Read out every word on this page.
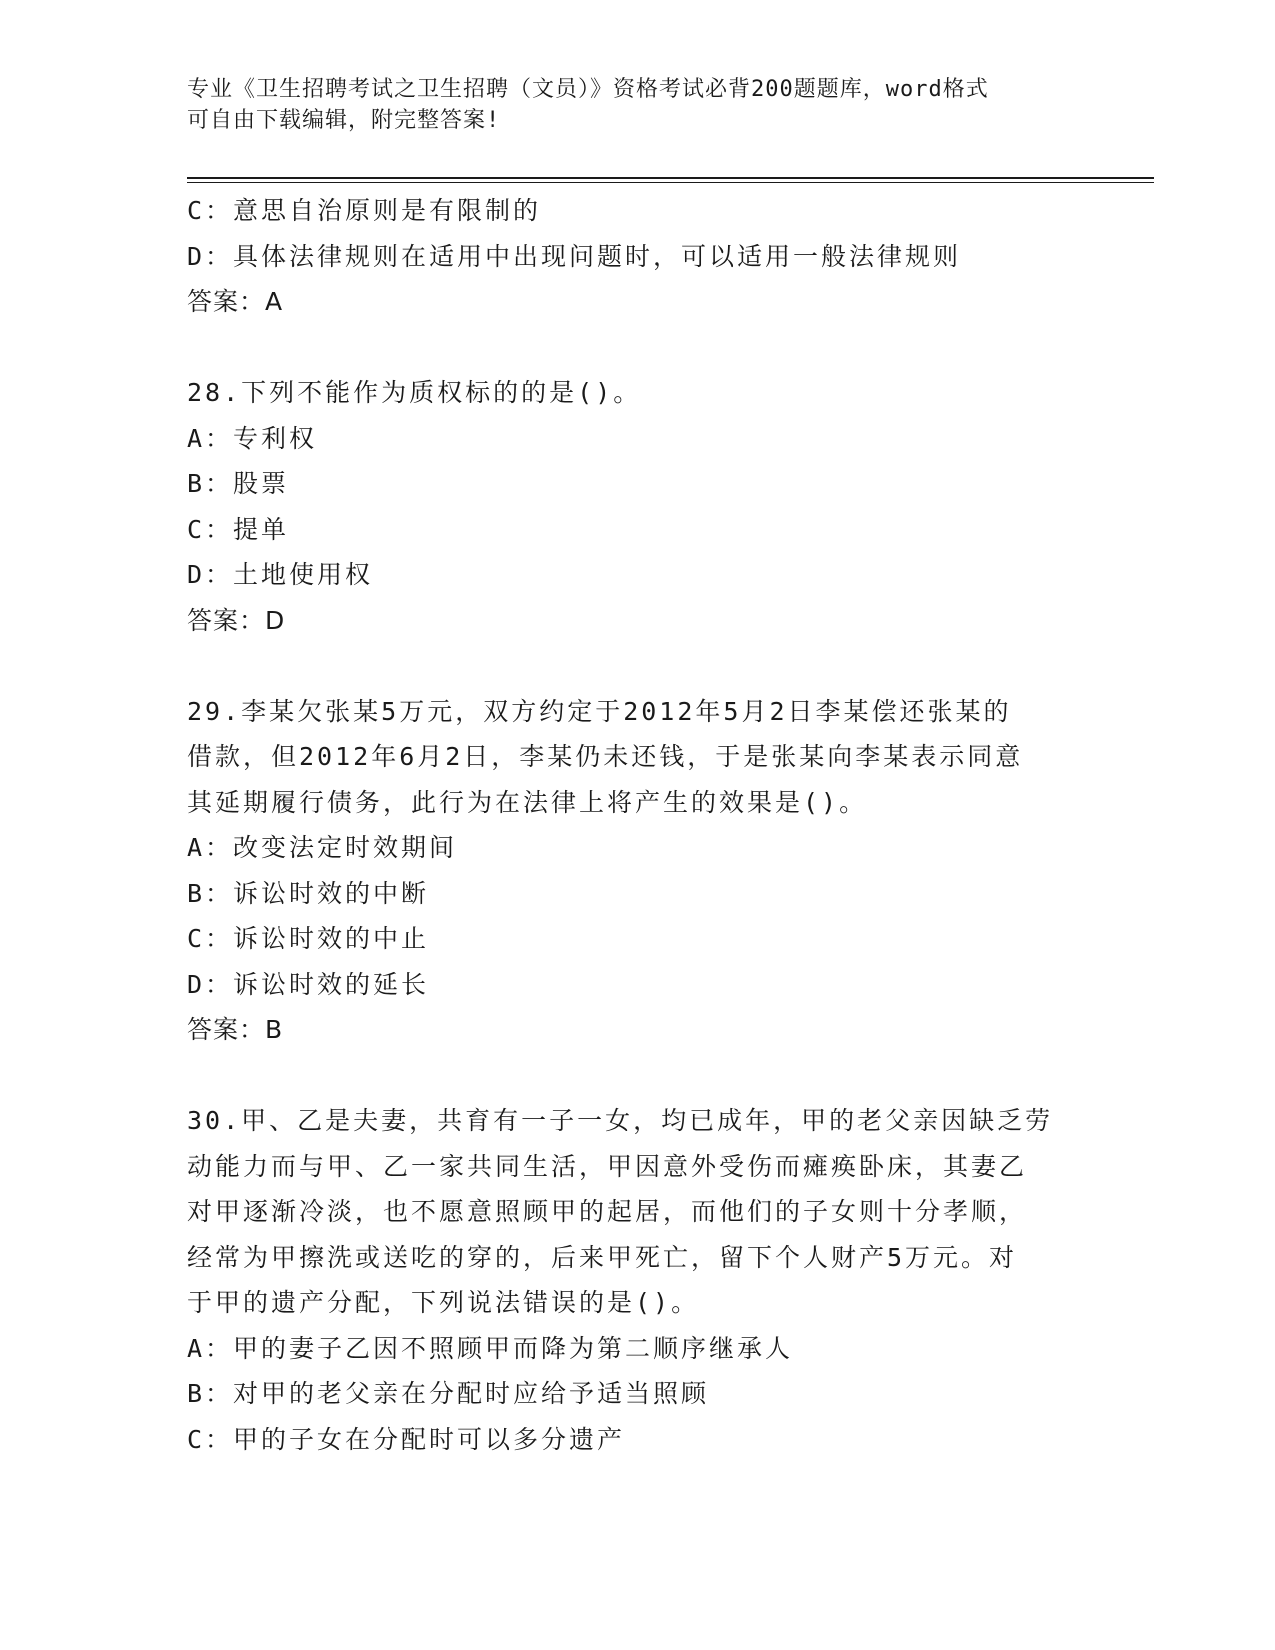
专业《卫生招聘考试之卫生招聘（文员）》资格考试必背200题题库，word格式
可自由下载编辑，附完整答案!
C：意思自治原则是有限制的
D：具体法律规则在适用中出现问题时，可以适用一般法律规则
答案：A
28.下列不能作为质权标的的是()。
A：专利权
B：股票
C：提单
D：土地使用权
答案：D
29.李某欠张某5万元，双方约定于2012年5月2日李某偿还张某的
借款，但2012年6月2日，李某仍未还钱，于是张某向李某表示同意
其延期履行债务，此行为在法律上将产生的效果是()。
A：改变法定时效期间
B：诉讼时效的中断
C：诉讼时效的中止
D：诉讼时效的延长
答案：B
30.甲、乙是夫妻，共育有一子一女，均已成年，甲的老父亲因缺乏劳
动能力而与甲、乙一家共同生活，甲因意外受伤而瘫痪卧床，其妻乙
对甲逐渐冷淡，也不愿意照顾甲的起居，而他们的子女则十分孝顺，
经常为甲擦洗或送吃的穿的，后来甲死亡，留下个人财产5万元。对
于甲的遗产分配，下列说法错误的是()。
A：甲的妻子乙因不照顾甲而降为第二顺序继承人
B：对甲的老父亲在分配时应给予适当照顾
C：甲的子女在分配时可以多分遗产
